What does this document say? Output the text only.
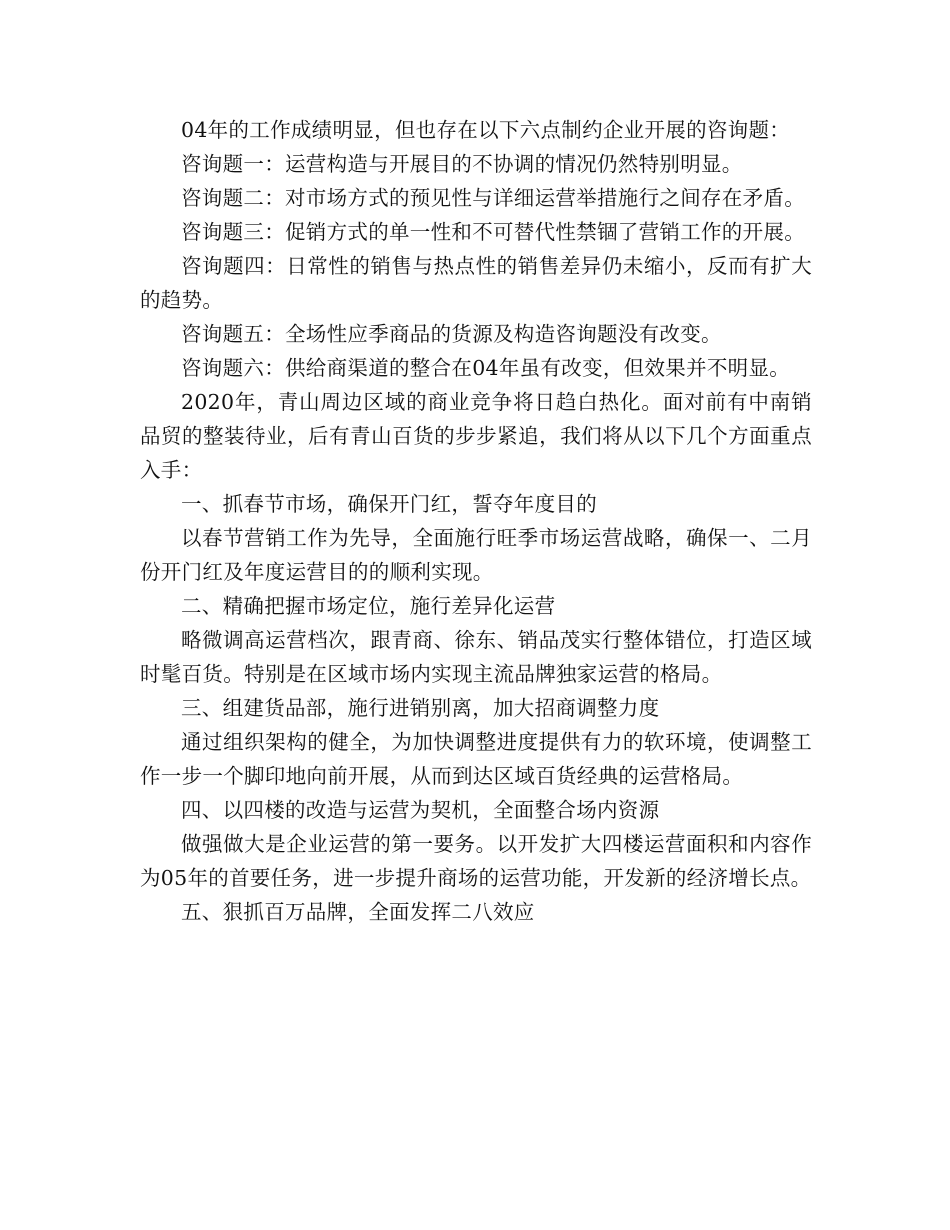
04年的工作成绩明显，但也存在以下六点制约企业开展的咨询题：

咨询题一：运营构造与开展目的不协调的情况仍然特别明显。

咨询题二：对市场方式的预见性与详细运营举措施行之间存在矛盾。

咨询题三：促销方式的单一性和不可替代性禁锢了营销工作的开展。

咨询题四：日常性的销售与热点性的销售差异仍未缩小，反而有扩大的趋势。

咨询题五：全场性应季商品的货源及构造咨询题没有改变。

咨询题六：供给商渠道的整合在04年虽有改变，但效果并不明显。

2020年，青山周边区域的商业竞争将日趋白热化。面对前有中南销品贸的整装待业，后有青山百货的步步紧追，我们将从以下几个方面重点入手：

一、抓春节市场，确保开门红，誓夺年度目的

以春节营销工作为先导，全面施行旺季市场运营战略，确保一、二月份开门红及年度运营目的的顺利实现。

二、精确把握市场定位，施行差异化运营

略微调高运营档次，跟青商、徐东、销品茂实行整体错位，打造区域时髦百货。特别是在区域市场内实现主流品牌独家运营的格局。

三、组建货品部，施行进销别离，加大招商调整力度

通过组织架构的健全，为加快调整进度提供有力的软环境，使调整工作一步一个脚印地向前开展，从而到达区域百货经典的运营格局。

四、以四楼的改造与运营为契机，全面整合场内资源

做强做大是企业运营的第一要务。以开发扩大四楼运营面积和内容作为05年的首要任务，进一步提升商场的运营功能，开发新的经济增长点。

五、狠抓百万品牌，全面发挥二八效应
